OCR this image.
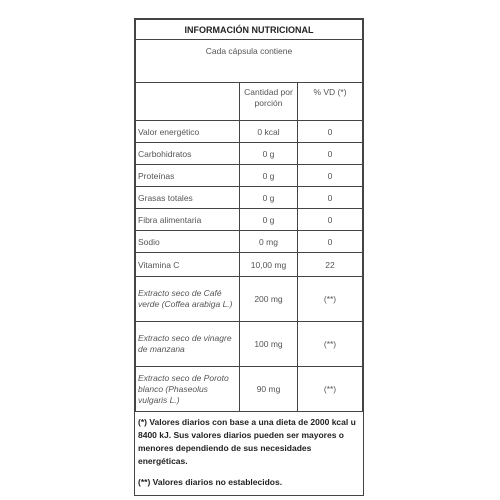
INFORMACIÓN NUTRICIONAL		
Cada cápsula contiene		
	Cantidad por porción	% VD (*)
Valor energético	0 kcal	0
Carbohidratos	0 g	0
Proteínas	0 g	0
Grasas totales	0 g	0
Fibra alimentaria	0 g	0
Sodio	0 mg	0
Vitamina C	10,00 mg	22
Extracto seco de Café verde (Coffea arabiga L.)	200 mg	(**)
Extracto seco de vinagre de manzana	100 mg	(**)
Extracto seco de Poroto blanco (Phaseolus vulgaris L.)	90 mg	(**)

(*) Valores diarios con base a una dieta de 2000 kcal u 8400 kJ. Sus valores diarios pueden ser mayores o menores dependiendo de sus necesidades energéticas.

(**) Valores diarios no establecidos.
